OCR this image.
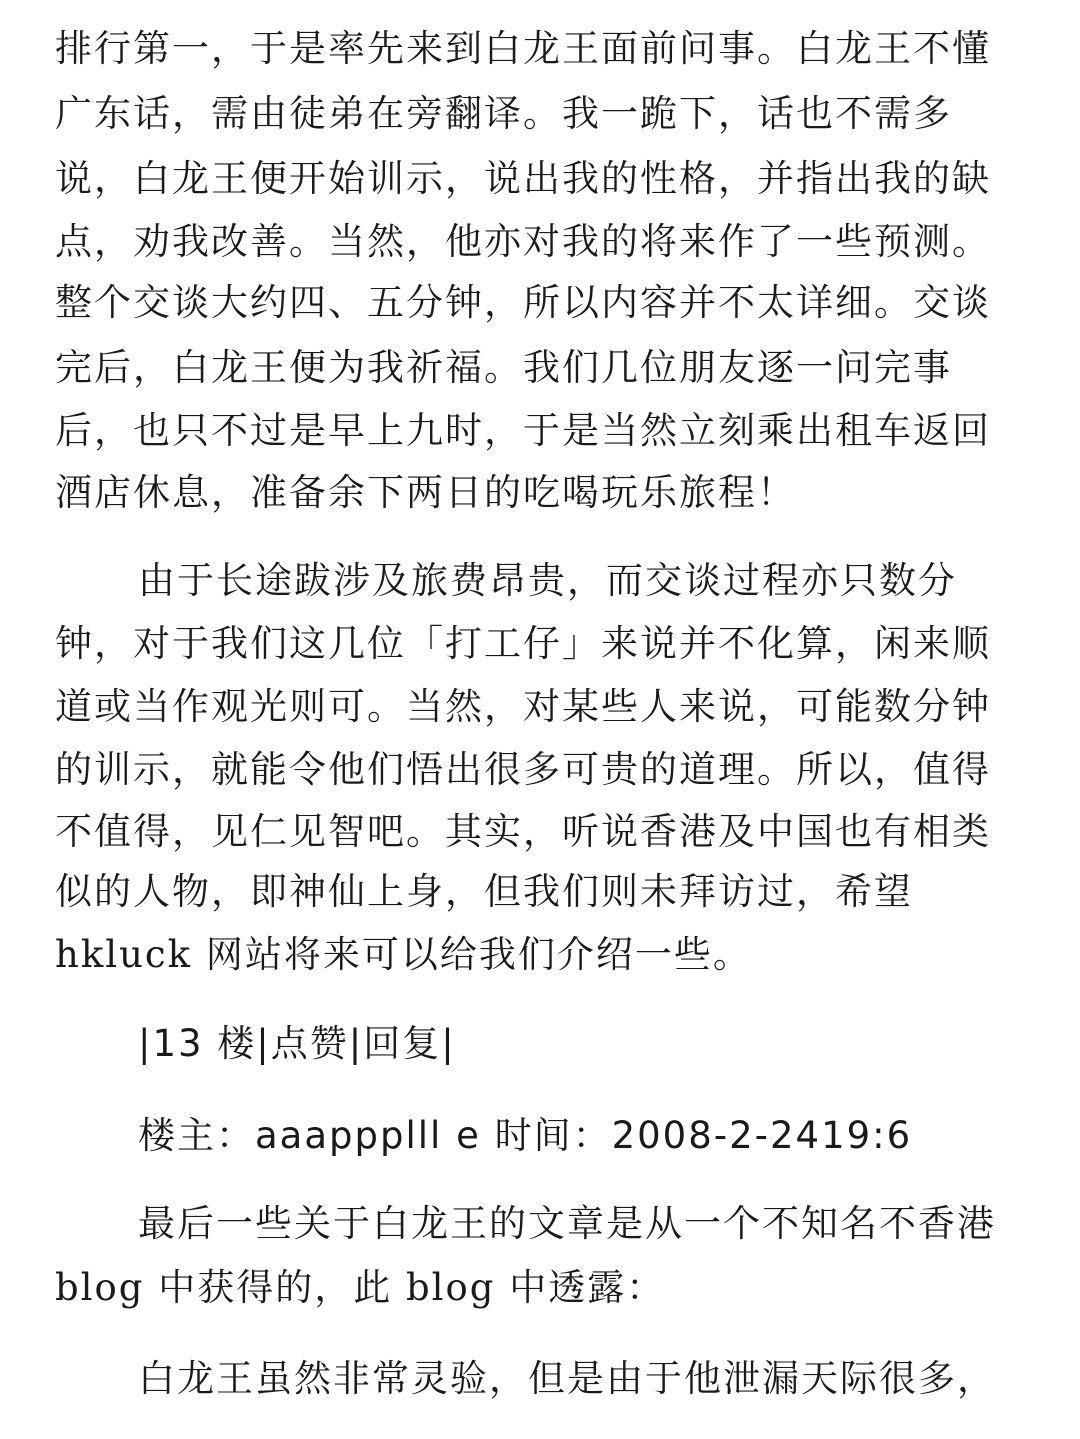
排行第一，于是率先来到白龙王面前问事。白龙王不懂
广东话，需由徒弟在旁翻译。我一跪下，话也不需多
说，白龙王便开始训示，说出我的性格，并指出我的缺
点，劝我改善。当然，他亦对我的将来作了一些预测。
整个交谈大约四、五分钟，所以内容并不太详细。交谈
完后，白龙王便为我祈福。我们几位朋友逐一问完事
后，也只不过是早上九时，于是当然立刻乘出租车返回
酒店休息，准备余下两日的吃喝玩乐旅程！
由于长途跋涉及旅费昂贵，而交谈过程亦只数分
钟，对于我们这几位「打工仔」来说并不化算，闲来顺
道或当作观光则可。当然，对某些人来说，可能数分钟
的训示，就能令他们悟出很多可贵的道理。所以，值得
不值得，见仁见智吧。其实，听说香港及中国也有相类
似的人物，即神仙上身，但我们则未拜访过，希望
hkluck 网站将来可以给我们介绍一些。
|13 楼|点赞|回复|
楼主：aaappplll e 时间：2008-2-2419:6
最后一些关于白龙王的文章是从一个不知名不香港
blog 中获得的，此 blog 中透露：
白龙王虽然非常灵验，但是由于他泄漏天际很多，
